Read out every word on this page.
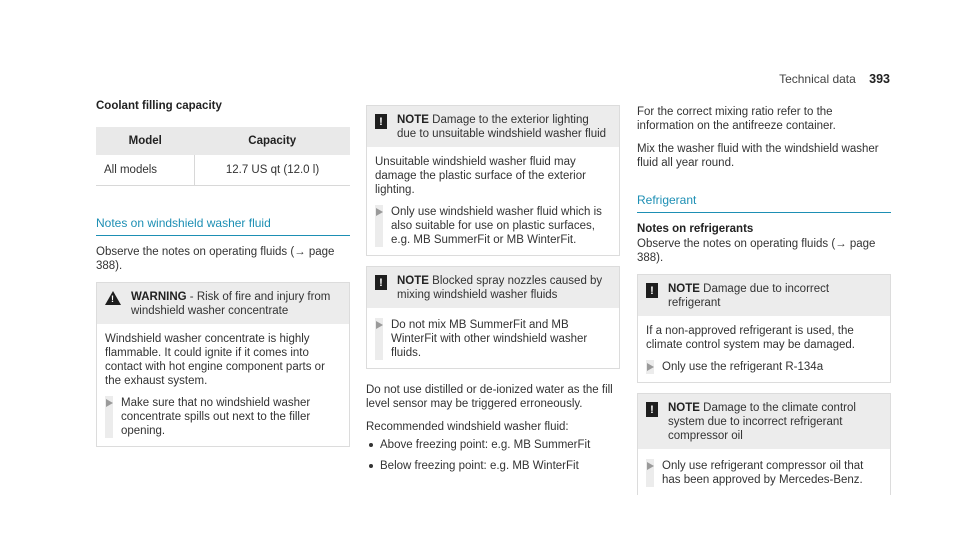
Technical data 393
Coolant filling capacity
Model	Capacity
All models	12.7 US qt (12.0 l)
Notes on windshield washer fluid

Observe the notes on operating fluids (→ page 388).

! WARNING - Risk of fire and injury from windshield washer concentrate
Windshield washer concentrate is highly flammable. It could ignite if it comes into contact with hot engine component parts or the exhaust system.
Make sure that no windshield washer concentrate spills out next to the filler opening.
!	NOTE Damage to the exterior lighting due to unsuitable windshield washer fluid
Unsuitable windshield washer fluid may damage the plastic surface of the exterior lighting.
Only use windshield washer fluid which is also suitable for use on plastic surfaces, e.g. MB SummerFit or MB WinterFit.
!	NOTE Blocked spray nozzles caused by mixing windshield washer fluids
Do not mix MB SummerFit and MB WinterFit with other windshield washer fluids.

Do not use distilled or de-ionized water as the fill level sensor may be triggered erroneously.

Recommended windshield washer fluid:

Above freezing point: e.g. MB SummerFit
Below freezing point: e.g. MB WinterFit

For the correct mixing ratio refer to the information on the antifreeze container.

Mix the washer fluid with the windshield washer fluid all year round.

Refrigerant
Notes on refrigerants

Observe the notes on operating fluids (→ page 388).

!	NOTE Damage due to incorrect refrigerant
If a non-approved refrigerant is used, the climate control system may be damaged.
Only use the refrigerant R‑134a
!	NOTE Damage to the climate control system due to incorrect refrigerant compressor oil
Only use refrigerant compressor oil that has been approved by Mercedes‑Benz.
